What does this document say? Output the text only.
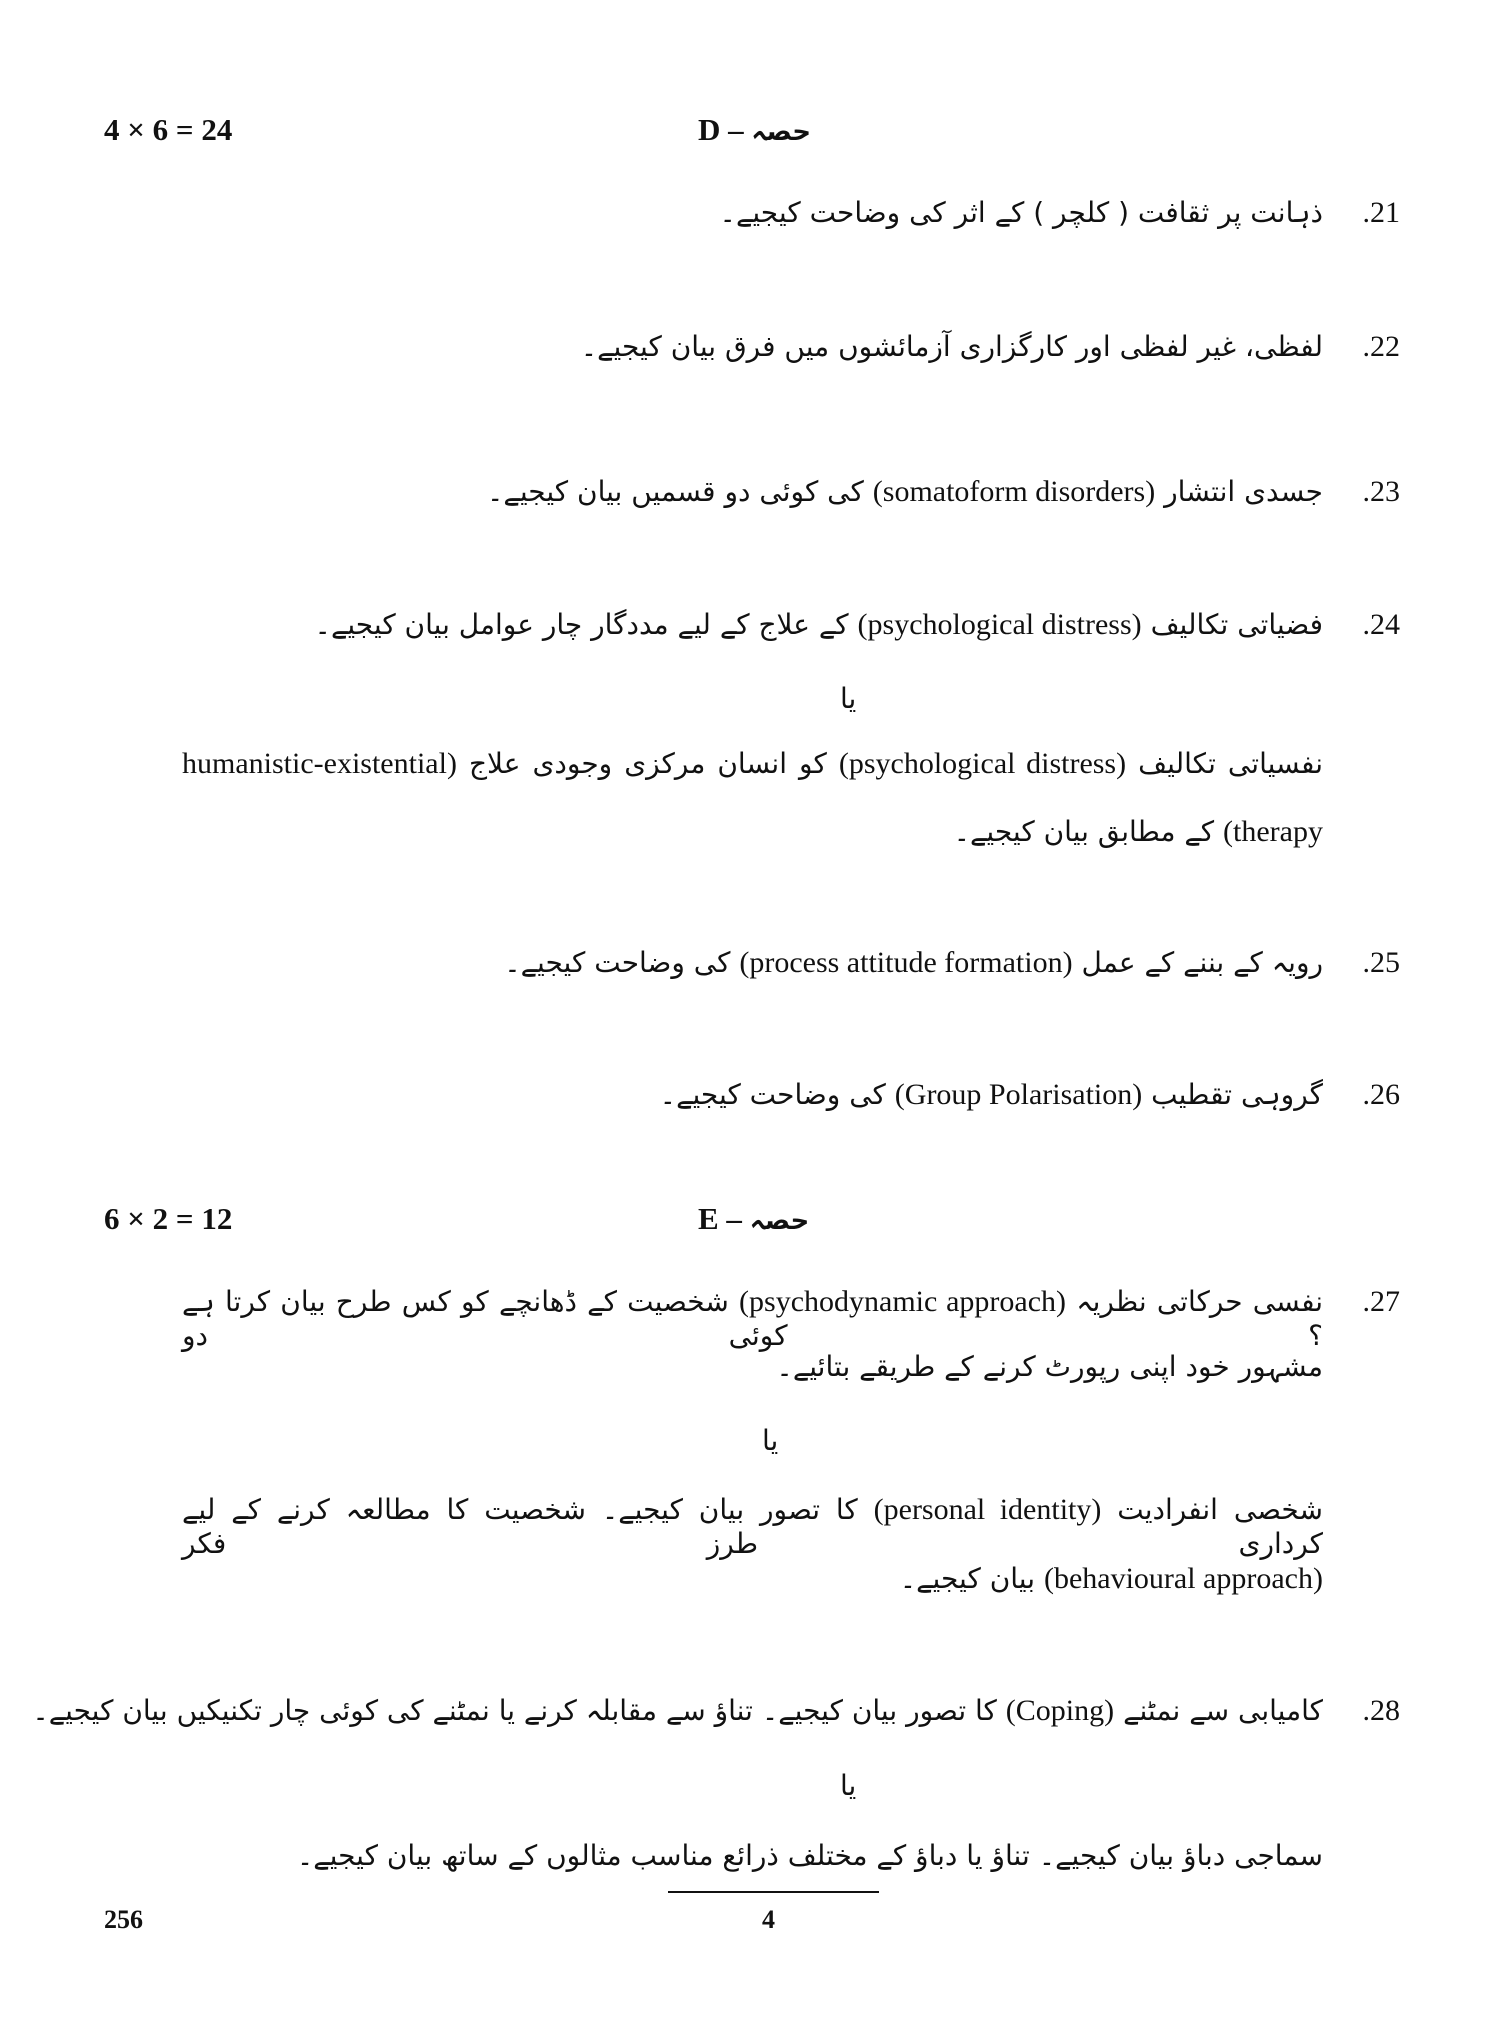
4 × 6 = 24	D – حصہ
.21
ذہانت پر ثقافت ( کلچر ) کے اثر کی وضاحت کیجیے۔
.22
لفظی، غیر لفظی اور کارگزاری آزمائشوں میں فرق بیان کیجیے۔
.23
جسدی انتشار (somatoform disorders) کی کوئی دو قسمیں بیان کیجیے۔
.24
فضیاتی تکالیف (psychological distress) کے علاج کے لیے مددگار چار عوامل بیان کیجیے۔
یا
نفسیاتی تکالیف (psychological distress) کو انسان مرکزی وجودی علاج (humanistic-existential
therapy) کے مطابق بیان کیجیے۔
.25
رویہ کے بننے کے عمل (process attitude formation) کی وضاحت کیجیے۔
.26
گروہی تقطیب (Group Polarisation) کی وضاحت کیجیے۔
6 × 2 = 12	E – حصہ
.27
نفسی حرکاتی نظریہ (psychodynamic approach) شخصیت کے ڈھانچے کو کس طرح بیان کرتا ہے ؟ کوئی دو
مشہور خود اپنی رپورٹ کرنے کے طریقے بتائیے۔
یا
شخصی انفرادیت (personal identity) کا تصور بیان کیجیے۔ شخصیت کا مطالعہ کرنے کے لیے کرداری طرز فکر
(behavioural approach) بیان کیجیے۔
.28
کامیابی سے نمٹنے (Coping) کا تصور بیان کیجیے۔ تناؤ سے مقابلہ کرنے یا نمٹنے کی کوئی چار تکنیکیں بیان کیجیے۔
یا
سماجی دباؤ بیان کیجیے۔ تناؤ یا دباؤ کے مختلف ذرائع مناسب مثالوں کے ساتھ بیان کیجیے۔
256	4
